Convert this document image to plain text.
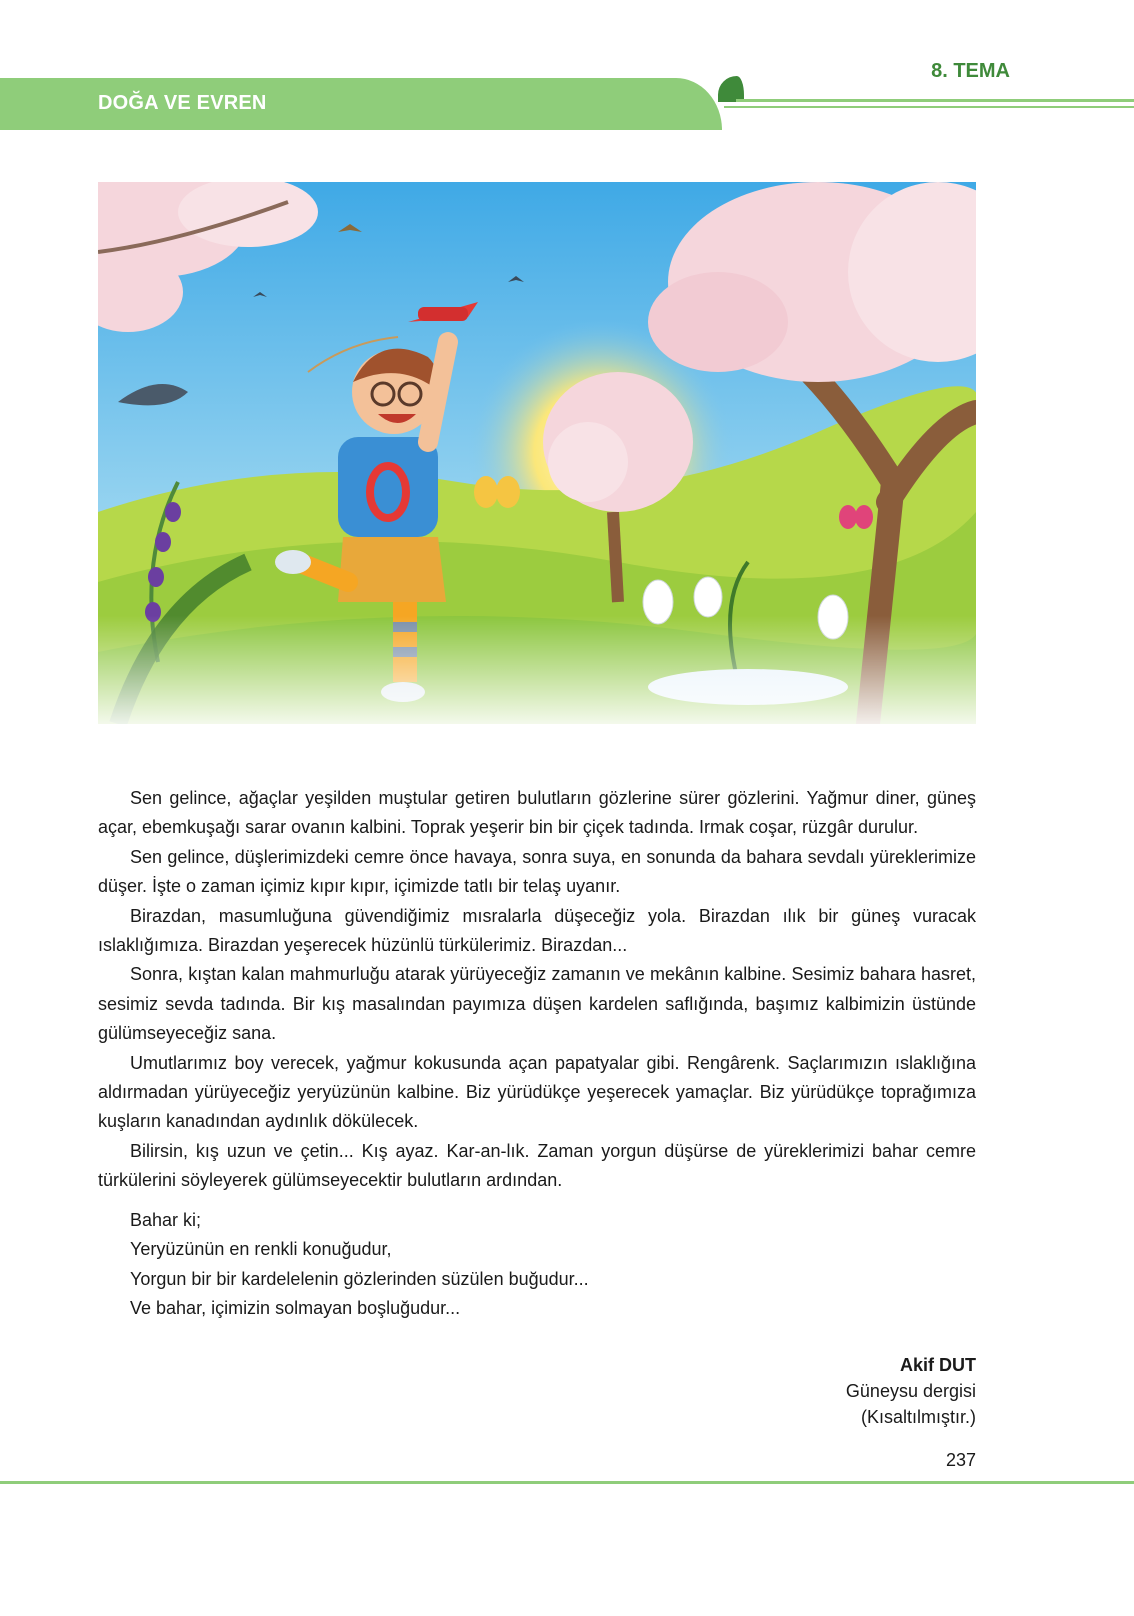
DOĞA VE EVREN
8. TEMA

Sen gelince, ağaçlar yeşilden muştular getiren bulutların gözlerine sürer gözlerini. Yağmur diner, güneş açar, ebemkuşağı sarar ovanın kalbini. Toprak yeşerir bin bir çiçek tadında. Irmak coşar, rüzgâr durulur.

Sen gelince, düşlerimizdeki cemre önce havaya, sonra suya, en sonunda da bahara sevdalı yüreklerimize düşer. İşte o zaman içimiz kıpır kıpır, içimizde tatlı bir telaş uyanır.

Birazdan, masumluğuna güvendiğimiz mısralarla düşeceğiz yola. Birazdan ılık bir güneş vuracak ıslaklığımıza. Birazdan yeşerecek hüzünlü türkülerimiz. Birazdan...

Sonra, kıştan kalan mahmurluğu atarak yürüyeceğiz zamanın ve mekânın kalbine. Sesimiz bahara hasret, sesimiz sevda tadında. Bir kış masalından payımıza düşen kardelen saflığında, başımız kalbimizin üstünde gülümseyeceğiz sana.

Umutlarımız boy verecek, yağmur kokusunda açan papatyalar gibi. Rengârenk. Saçlarımızın ıslaklığına aldırmadan yürüyeceğiz yeryüzünün kalbine. Biz yürüdükçe yeşerecek yamaçlar. Biz yürüdükçe toprağımıza kuşların kanadından aydınlık dökülecek.

Bilirsin, kış uzun ve çetin... Kış ayaz. Kar-an-lık. Zaman yorgun düşürse de yüreklerimizi bahar cemre türkülerini söyleyerek gülümseyecektir bulutların ardından.

Bahar ki;
Yeryüzünün en renkli konuğudur,
Yorgun bir bir kardelelenin gözlerinden süzülen buğudur...
Ve bahar, içimizin solmayan boşluğudur...
Akif DUT
Güneysu dergisi
(Kısaltılmıştır.)
237
